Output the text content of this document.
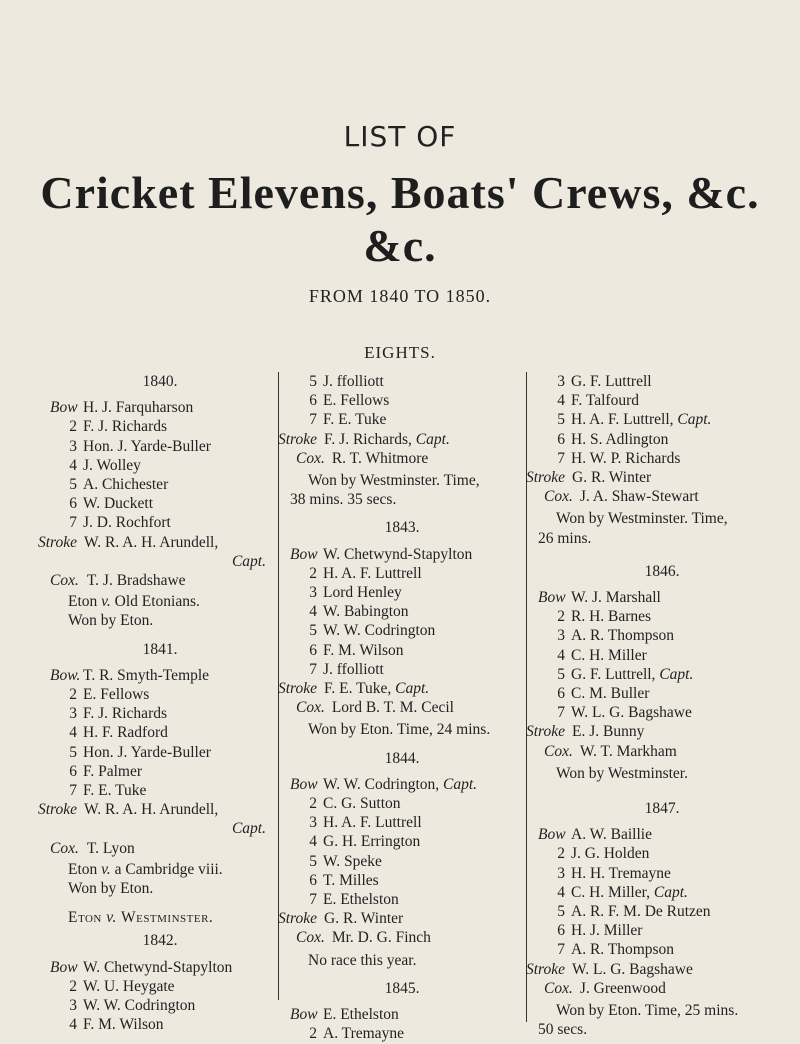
LIST OF
Cricket Elevens, Boats' Crews, &c. &c.
FROM 1840 TO 1850.
EIGHTS.
1840.
Bow H. J. Farquharson
2 F. J. Richards
3 Hon. J. Yarde-Buller
4 J. Wolley
5 A. Chichester
6 W. Duckett
7 J. D. Rochfort
Stroke W. R. A. H. Arundell,
Capt.
Cox. T. J. Bradshawe
Eton v. Old Etonians.
Won by Eton.
1841.
Bow. T. R. Smyth-Temple
2 E. Fellows
3 F. J. Richards
4 H. F. Radford
5 Hon. J. Yarde-Buller
6 F. Palmer
7 F. E. Tuke
Stroke W. R. A. H. Arundell,
Capt.
Cox. T. Lyon
Eton v. a Cambridge viii.
Won by Eton.
Eton v. Westminster.
1842.
Bow W. Chetwynd-Stapylton
2 W. U. Heygate
3 W. W. Codrington
4 F. M. Wilson
5 J. ffolliott
6 E. Fellows
7 F. E. Tuke
Stroke F. J. Richards, Capt.
Cox. R. T. Whitmore
Won by Westminster. Time,
38 mins. 35 secs.
1843.
Bow W. Chetwynd-Stapylton
2 H. A. F. Luttrell
3 Lord Henley
4 W. Babington
5 W. W. Codrington
6 F. M. Wilson
7 J. ffolliott
Stroke F. E. Tuke, Capt.
Cox. Lord B. T. M. Cecil
Won by Eton. Time, 24 mins.
1844.
Bow W. W. Codrington, Capt.
2 C. G. Sutton
3 H. A. F. Luttrell
4 G. H. Errington
5 W. Speke
6 T. Milles
7 E. Ethelston
Stroke G. R. Winter
Cox. Mr. D. G. Finch
No race this year.
1845.
Bow E. Ethelston
2 A. Tremayne
3 G. F. Luttrell
4 F. Talfourd
5 H. A. F. Luttrell, Capt.
6 H. S. Adlington
7 H. W. P. Richards
Stroke G. R. Winter
Cox. J. A. Shaw-Stewart
Won by Westminster. Time,
26 mins.
1846.
Bow W. J. Marshall
2 R. H. Barnes
3 A. R. Thompson
4 C. H. Miller
5 G. F. Luttrell, Capt.
6 C. M. Buller
7 W. L. G. Bagshawe
Stroke E. J. Bunny
Cox. W. T. Markham
Won by Westminster.
1847.
Bow A. W. Baillie
2 J. G. Holden
3 H. H. Tremayne
4 C. H. Miller, Capt.
5 A. R. F. M. De Rutzen
6 H. J. Miller
7 A. R. Thompson
Stroke W. L. G. Bagshawe
Cox. J. Greenwood
Won by Eton. Time, 25 mins.
50 secs.
